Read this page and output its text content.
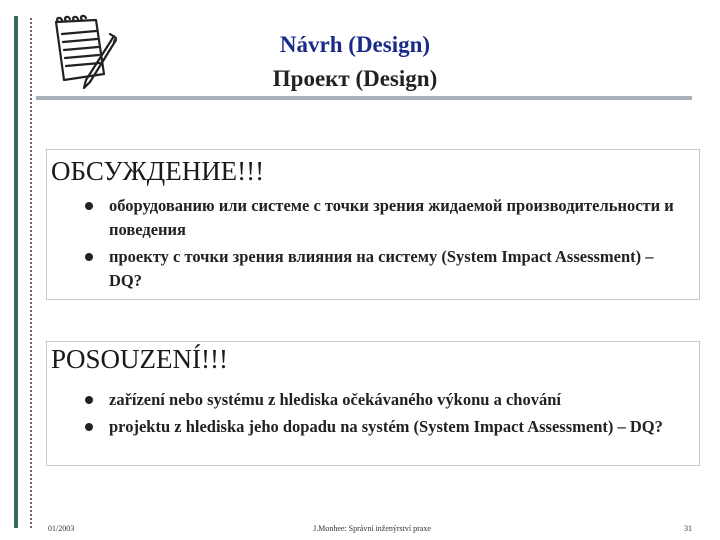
Návrh (Design)
Проект (Design)
ОБСУЖДЕНИЕ!!!
оборудованию или системе с точки зрения жидаемой производительности и поведения
проекту с точки зрения влияния на систему (System Impact Assessment) – DQ?
POSOUZENÍ!!!
zařízení nebo systému z hlediska očekávaného výkonu a chování
projektu z hlediska jeho dopadu na systém (System Impact Assessment) – DQ?
01/2003	J.Monhee: Správní inženýrství praxe	31
